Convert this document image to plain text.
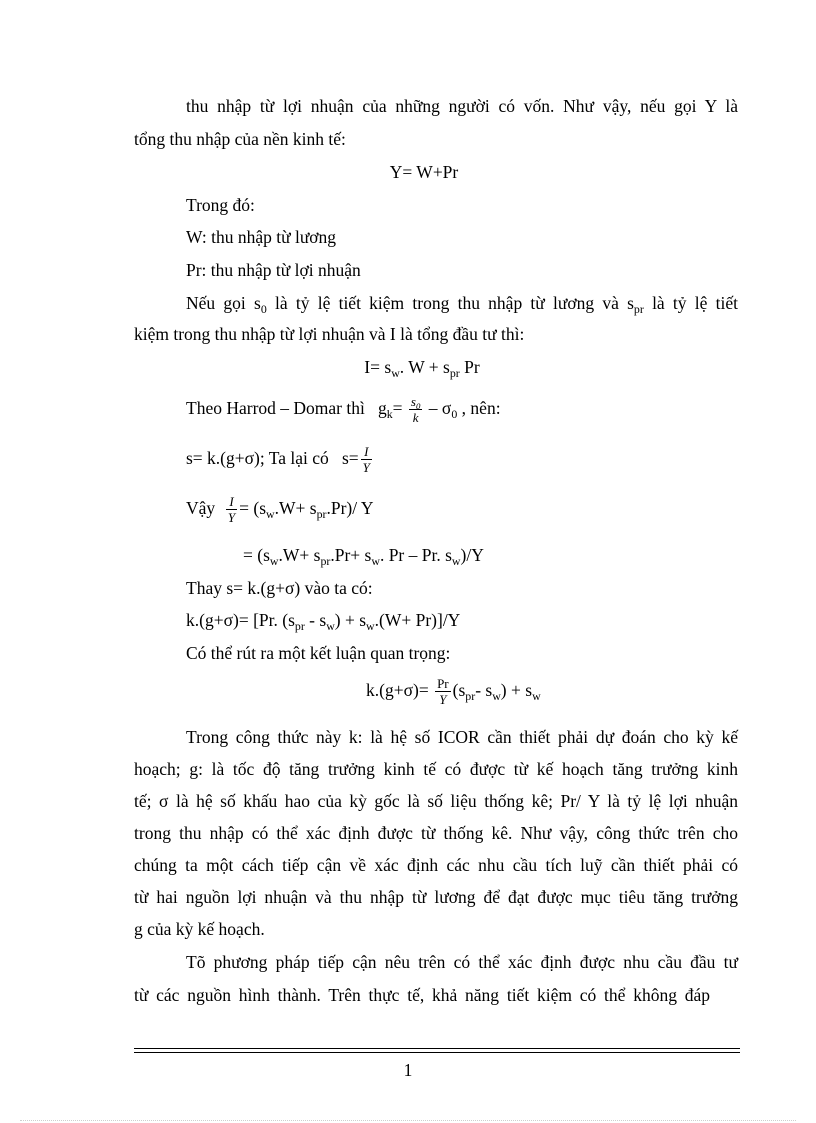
thu nhập từ lợi nhuận của những người có vốn. Như vậy, nếu gọi Y là
tổng thu nhập của nền kinh tế:
Y= W+Pr
Trong đó:
W: thu nhập từ lương
Pr: thu nhập từ lợi nhuận
Nếu gọi $s_0$ là tỷ lệ tiết kiệm trong thu nhập từ lương và $s_{pr}$ là tỷ lệ tiết
kiệm trong thu nhập từ lợi nhuận và I là tổng đầu tư thì:
$I= s_w$. $W + s_{pr}$ Pr
Theo Harrod – Domar thì $g_k= \frac{s_0}{k} - \sigma_0$ , nên:
s= k.(g+σ); Ta lại có $s= \frac{I}{Y}$
Vậy $\frac{I}{Y} = (s_w.W+ s_{pr}.Pr)/$ Y
= ($s_w.W+ s_{pr}.Pr+ s_w$. Pr – Pr. $s_w)/Y$
Thay s= k.(g+σ) vào ta có:
k.(g+σ)= [Pr. $(s_{pr} - s_w) + s_w.(W+ Pr)]/Y$
Có thể rút ra một kết luận quan trọng:
$k.(g+\sigma)= \frac{Pr}{Y} (s_{pr}-$ $s_w) + s_w$
Trong công thức này k: là hệ số ICOR cần thiết phải dự đoán cho kỳ kế
hoạch; g: là tốc độ tăng trưởng kinh tế có được từ kế hoạch tăng trưởng kinh
tế; σ là hệ số khấu hao của kỳ gốc là số liệu thống kê; Pr/ Y là tỷ lệ lợi nhuận
trong thu nhập có thể xác định được từ thống kê. Như vậy, công thức trên cho
chúng ta một cách tiếp cận về xác định các nhu cầu tích luỹ cần thiết phải có
từ hai nguồn lợi nhuận và thu nhập từ lương để đạt được mục tiêu tăng trưởng
g của kỳ kế hoạch.
Tõ phương pháp tiếp cận nêu trên có thể xác định được nhu cầu đầu tư
từ các nguồn hình thành. Trên thực tế, khả năng tiết kiệm có thể không đáp
1
